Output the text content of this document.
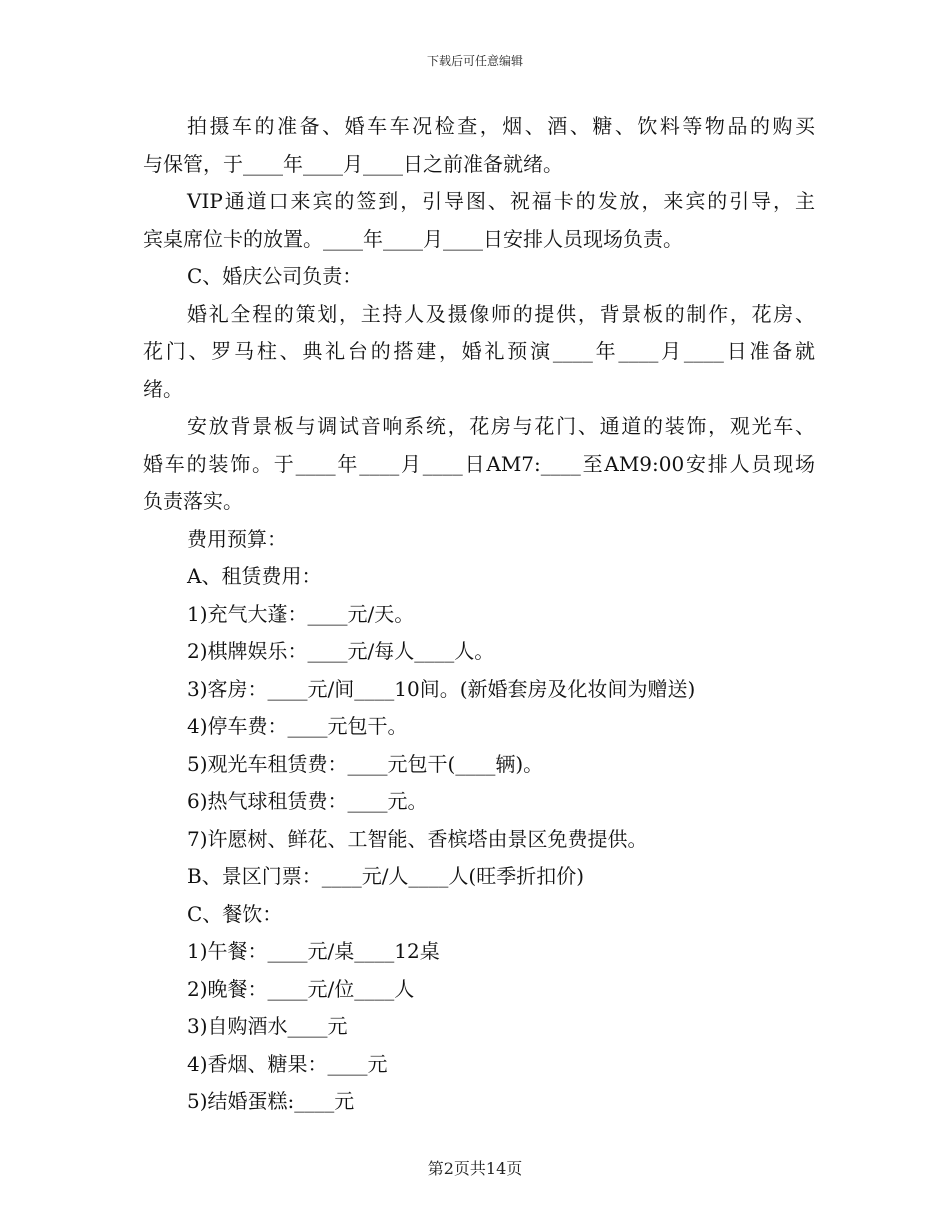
下载后可任意编辑
拍摄车的准备、婚车车况检查，烟、酒、糖、饮料等物品的购买
与保管，于____年____月____日之前准备就绪。
VIP通道口来宾的签到，引导图、祝福卡的发放，来宾的引导，主
宾桌席位卡的放置。____年____月____日安排人员现场负责。
C、婚庆公司负责：
婚礼全程的策划，主持人及摄像师的提供，背景板的制作，花房、
花门、罗马柱、典礼台的搭建，婚礼预演____年____月____日准备就
绪。
安放背景板与调试音响系统，花房与花门、通道的装饰，观光车、
婚车的装饰。于____年____月____日AM7:____至AM9:00安排人员现场
负责落实。
费用预算：
A、租赁费用：
1)充气大蓬：____元/天。
2)棋牌娱乐：____元/每人____人。
3)客房：____元/间____10间。(新婚套房及化妆间为赠送)
4)停车费：____元包干。
5)观光车租赁费：____元包干(____辆)。
6)热气球租赁费：____元。
7)许愿树、鲜花、工智能、香槟塔由景区免费提供。
B、景区门票：____元/人____人(旺季折扣价)
C、餐饮：
1)午餐：____元/桌____12桌
2)晚餐：____元/位____人
3)自购酒水____元
4)香烟、糖果：____元
5)结婚蛋糕:____元
第2页共14页
